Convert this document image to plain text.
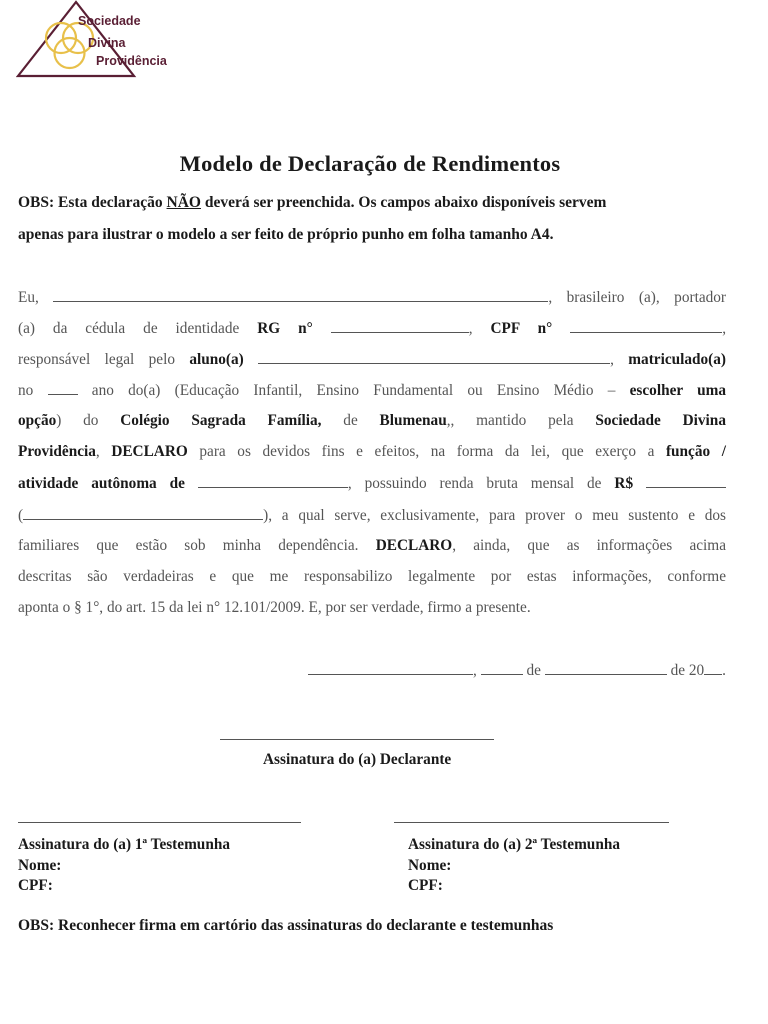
Sociedade
Divina
Providência
Modelo de Declaração de Rendimentos
OBS: Esta declaração NÃO deverá ser preenchida. Os campos abaixo disponíveis servem
apenas para ilustrar o modelo a ser feito de próprio punho em folha tamanho A4.
Eu,	, brasileiro (a), portador
(a) da cédula de identidade RG n°	, CPF n°	,
responsável legal pelo aluno(a)	, matriculado(a)
no	ano do(a) (Educação Infantil, Ensino Fundamental ou Ensino Médio – escolher uma
opção) do Colégio Sagrada Família, de Blumenau,, mantido pela Sociedade Divina
Providência, DECLARO para os devidos fins e efeitos, na forma da lei, que exerço a função /
atividade autônoma de	, possuindo renda bruta mensal de R$
(	), a qual serve, exclusivamente, para prover o meu sustento e dos
familiares que estão sob minha dependência. DECLARO, ainda, que as informações acima
descritas são verdadeiras e que me responsabilizo legalmente por estas informações, conforme
aponta o § 1°, do art. 15 da lei n° 12.101/2009. E, por ser verdade, firmo a presente.
,	de	de 20 .
Assinatura do (a) Declarante
Assinatura do (a) 1ª Testemunha
Nome:
CPF:
Assinatura do (a) 2ª Testemunha
Nome:
CPF:
OBS: Reconhecer firma em cartório das assinaturas do declarante e testemunhas
